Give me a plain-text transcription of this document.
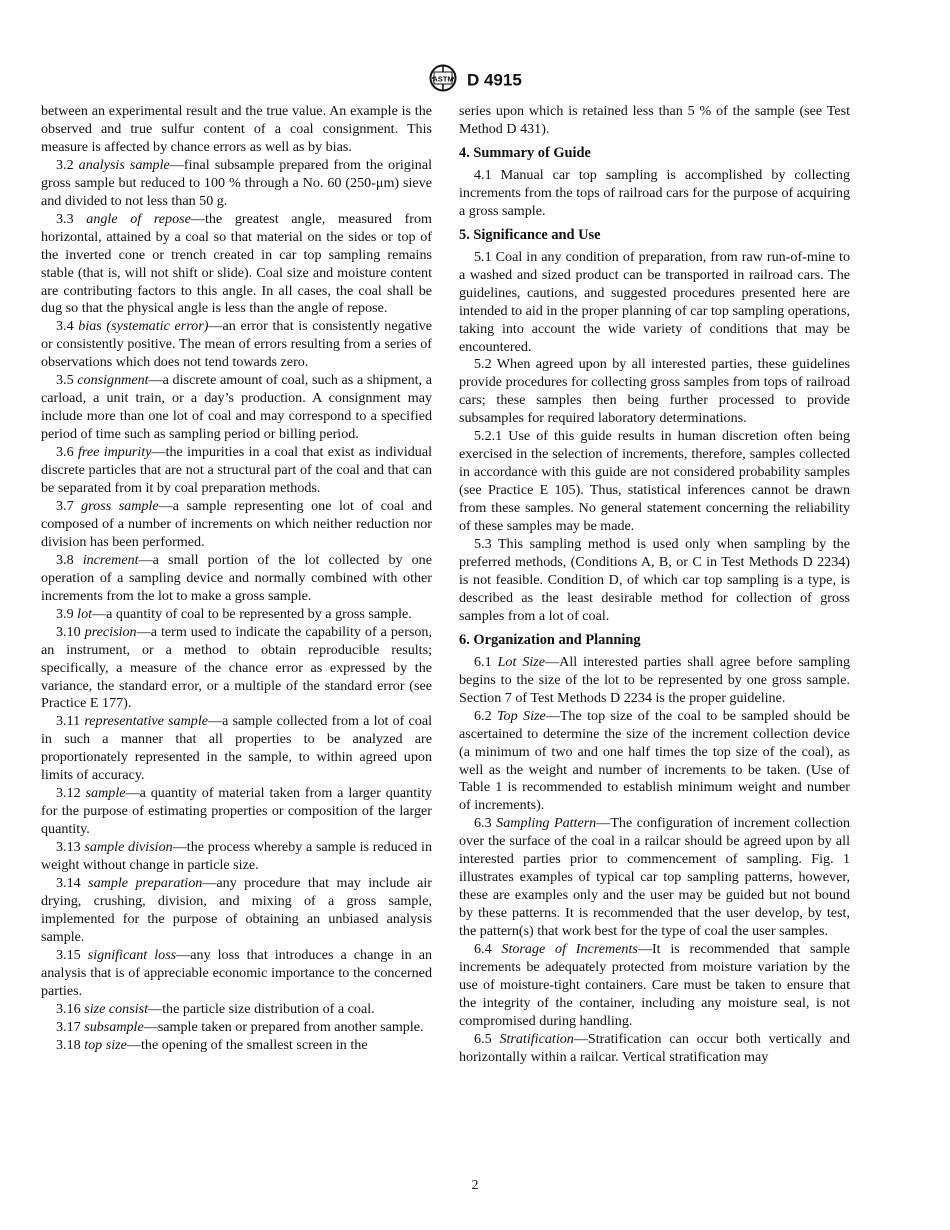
ASTM D 4915

between an experimental result and the true value. An example is the observed and true sulfur content of a coal consignment. This measure is affected by chance errors as well as by bias.

3.2 analysis sample—final subsample prepared from the original gross sample but reduced to 100 % through a No. 60 (250-μm) sieve and divided to not less than 50 g.

3.3 angle of repose—the greatest angle, measured from horizontal, attained by a coal so that material on the sides or top of the inverted cone or trench created in car top sampling remains stable (that is, will not shift or slide). Coal size and moisture content are contributing factors to this angle. In all cases, the coal shall be dug so that the physical angle is less than the angle of repose.

3.4 bias (systematic error)—an error that is consistently negative or consistently positive. The mean of errors resulting from a series of observations which does not tend towards zero.

3.5 consignment—a discrete amount of coal, such as a shipment, a carload, a unit train, or a day’s production. A consignment may include more than one lot of coal and may correspond to a specified period of time such as sampling period or billing period.

3.6 free impurity—the impurities in a coal that exist as individual discrete particles that are not a structural part of the coal and that can be separated from it by coal preparation methods.

3.7 gross sample—a sample representing one lot of coal and composed of a number of increments on which neither reduction nor division has been performed.

3.8 increment—a small portion of the lot collected by one operation of a sampling device and normally combined with other increments from the lot to make a gross sample.

3.9 lot—a quantity of coal to be represented by a gross sample.

3.10 precision—a term used to indicate the capability of a person, an instrument, or a method to obtain reproducible results; specifically, a measure of the chance error as expressed by the variance, the standard error, or a multiple of the standard error (see Practice E 177).

3.11 representative sample—a sample collected from a lot of coal in such a manner that all properties to be analyzed are proportionately represented in the sample, to within agreed upon limits of accuracy.

3.12 sample—a quantity of material taken from a larger quantity for the purpose of estimating properties or composition of the larger quantity.

3.13 sample division—the process whereby a sample is reduced in weight without change in particle size.

3.14 sample preparation—any procedure that may include air drying, crushing, division, and mixing of a gross sample, implemented for the purpose of obtaining an unbiased analysis sample.

3.15 significant loss—any loss that introduces a change in an analysis that is of appreciable economic importance to the concerned parties.

3.16 size consist—the particle size distribution of a coal.

3.17 subsample—sample taken or prepared from another sample.

3.18 top size—the opening of the smallest screen in the

series upon which is retained less than 5 % of the sample (see Test Method D 431).

4. Summary of Guide

4.1 Manual car top sampling is accomplished by collecting increments from the tops of railroad cars for the purpose of acquiring a gross sample.

5. Significance and Use

5.1 Coal in any condition of preparation, from raw run-of-mine to a washed and sized product can be transported in railroad cars. The guidelines, cautions, and suggested procedures presented here are intended to aid in the proper planning of car top sampling operations, taking into account the wide variety of conditions that may be encountered.

5.2 When agreed upon by all interested parties, these guidelines provide procedures for collecting gross samples from tops of railroad cars; these samples then being further processed to provide subsamples for required laboratory determinations.

5.2.1 Use of this guide results in human discretion often being exercised in the selection of increments, therefore, samples collected in accordance with this guide are not considered probability samples (see Practice E 105). Thus, statistical inferences cannot be drawn from these samples. No general statement concerning the reliability of these samples may be made.

5.3 This sampling method is used only when sampling by the preferred methods, (Conditions A, B, or C in Test Methods D 2234) is not feasible. Condition D, of which car top sampling is a type, is described as the least desirable method for collection of gross samples from a lot of coal.

6. Organization and Planning

6.1 Lot Size—All interested parties shall agree before sampling begins to the size of the lot to be represented by one gross sample. Section 7 of Test Methods D 2234 is the proper guideline.

6.2 Top Size—The top size of the coal to be sampled should be ascertained to determine the size of the increment collection device (a minimum of two and one half times the top size of the coal), as well as the weight and number of increments to be taken. (Use of Table 1 is recommended to establish minimum weight and number of increments).

6.3 Sampling Pattern—The configuration of increment collection over the surface of the coal in a railcar should be agreed upon by all interested parties prior to commencement of sampling. Fig. 1 illustrates examples of typical car top sampling patterns, however, these are examples only and the user may be guided but not bound by these patterns. It is recommended that the user develop, by test, the pattern(s) that work best for the type of coal the user samples.

6.4 Storage of Increments—It is recommended that sample increments be adequately protected from moisture variation by the use of moisture-tight containers. Care must be taken to ensure that the integrity of the container, including any moisture seal, is not compromised during handling.

6.5 Stratification—Stratification can occur both vertically and horizontally within a railcar. Vertical stratification may

2
